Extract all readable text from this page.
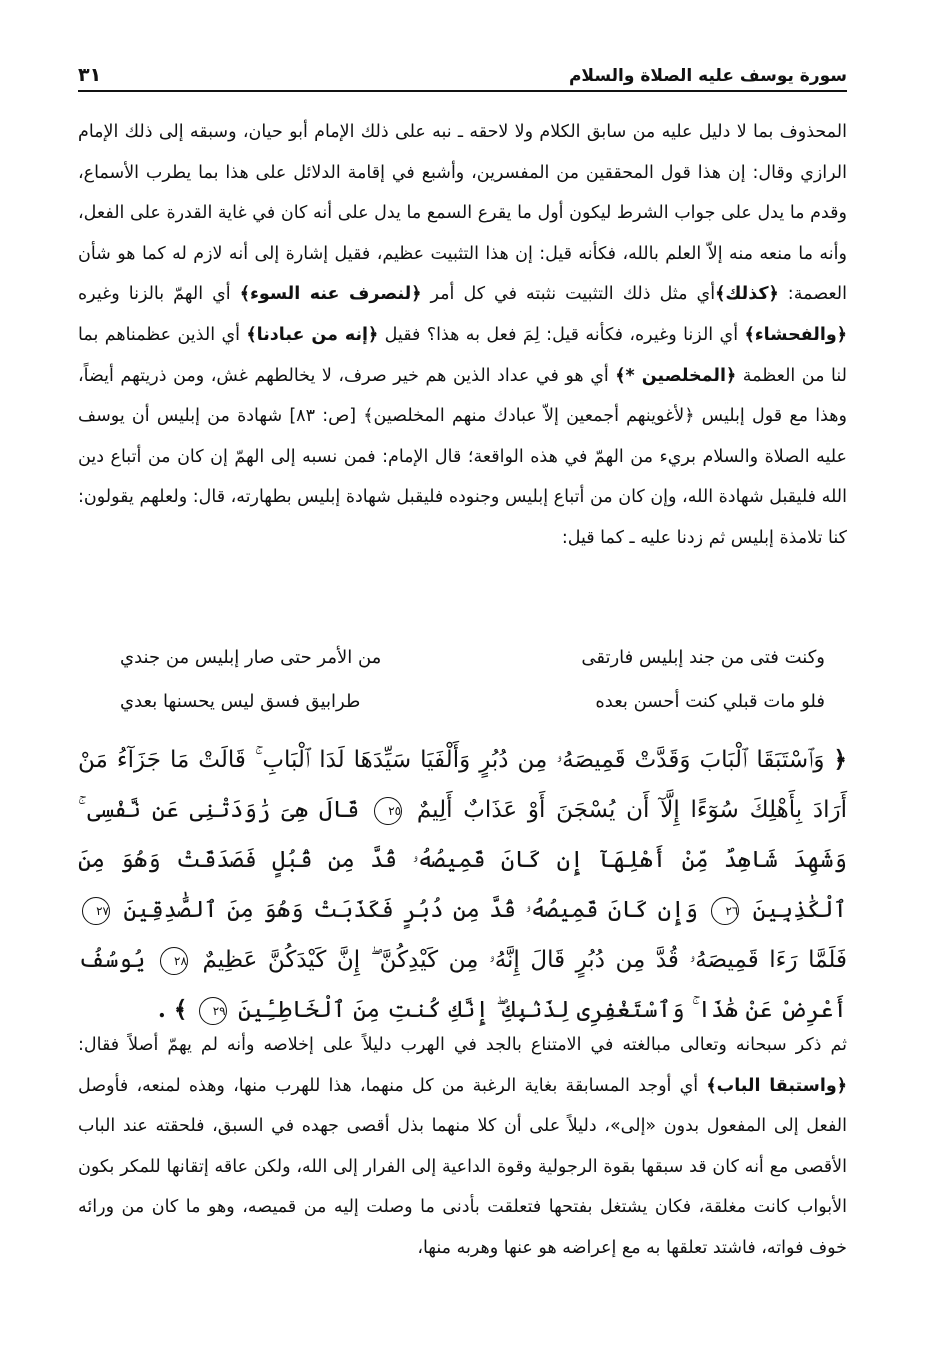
سورة يوسف عليه الصلاة والسلام
٣١

المحذوف بما لا دليل عليه من سابق الكلام ولا لاحقه ـ نبه على ذلك الإمام أبو حيان، وسبقه إلى ذلك الإمام الرازي وقال: إن هذا قول المحققين من المفسرين، وأشبع في إقامة الدلائل على هذا بما يطرب الأسماع، وقدم ما يدل على جواب الشرط ليكون أول ما يقرع السمع ما يدل على أنه كان في غاية القدرة على الفعل، وأنه ما منعه منه إلاّ العلم بالله، فكأنه قيل: إن هذا التثبيت عظيم، فقيل إشارة إلى أنه لازم له كما هو شأن العصمة: ﴿كذلك﴾أي مثل ذلك التثبيت نثبته في كل أمر ﴿لنصرف عنه السوء﴾ أي الهمّ بالزنا وغيره ﴿والفحشاء﴾ أي الزنا وغيره، فكأنه قيل: لِمَ فعل به هذا؟ فقيل ﴿إنه من عبادنا﴾ أي الذين عظمناهم بما لنا من العظمة ﴿المخلصين *﴾ أي هو في عداد الذين هم خير صرف، لا يخالطهم غش، ومن ذريتهم أيضاً، وهذا مع قول إبليس ﴿لأغوينهم أجمعين إلاّ عبادك منهم المخلصين﴾ [ص: ٨٣] شهادة من إبليس أن يوسف عليه الصلاة والسلام بريء من الهمّ في هذه الواقعة؛ قال الإمام: فمن نسبه إلى الهمّ إن كان من أتباع دين الله فليقبل شهادة الله، وإن كان من أتباع إبليس وجنوده فليقبل شهادة إبليس بطهارته، قال: ولعلهم يقولون: كنا تلامذة إبليس ثم زدنا عليه ـ كما قيل:

وكنت فتى من جند إبليس فارتقى
من الأمر حتى صار إبليس من جندي
فلو مات قبلي كنت أحسن بعده
طرابيق فسق ليس يحسنها بعدي
﴿ وَٱسْتَبَقَا ٱلْبَابَ وَقَدَّتْ قَمِيصَهُۥ مِن دُبُرٍ وَأَلْفَيَا سَيِّدَهَا لَدَا ٱلْبَابِ ۚ قَالَتْ مَا جَزَآءُ مَنْ أَرَادَ بِأَهْلِكَ سُوٓءًا إِلَّآ أَن يُسْجَنَ أَوْ عَذَابٌ أَلِيمٌ ٢٥ قَالَ هِىَ رَٰوَدَتْنِى عَن نَّفْسِى ۚ وَشَهِدَ شَاهِدٌ مِّنْ أَهْلِهَآ إِن كَانَ قَمِيصُهُۥ قُدَّ مِن قُبُلٍ فَصَدَقَتْ وَهُوَ مِنَ ٱلْكَٰذِبِينَ ٢٦ وَإِن كَانَ قَمِيصُهُۥ قُدَّ مِن دُبُرٍ فَكَذَبَتْ وَهُوَ مِنَ ٱلصَّٰدِقِينَ ٢٧ فَلَمَّا رَءَا قَمِيصَهُۥ قُدَّ مِن دُبُرٍ قَالَ إِنَّهُۥ مِن كَيْدِكُنَّ ۖ إِنَّ كَيْدَكُنَّ عَظِيمٌ ٢٨ يُوسُفُ أَعْرِضْ عَنْ هَٰذَا ۚ وَٱسْتَغْفِرِى لِذَنۢبِكِ ۖ إِنَّكِ كُنتِ مِنَ ٱلْخَاطِـِٔينَ ٢٩ ﴾ .

ثم ذكر سبحانه وتعالى مبالغته في الامتناع بالجد في الهرب دليلاً على إخلاصه وأنه لم يهمّ أصلاً فقال: ﴿واستبقا الباب﴾ أي أوجد المسابقة بغاية الرغبة من كل منهما، هذا للهرب منها، وهذه لمنعه، فأوصل الفعل إلى المفعول بدون «إلى»، دليلاً على أن كلا منهما بذل أقصى جهده في السبق، فلحقته عند الباب الأقصى مع أنه كان قد سبقها بقوة الرجولية وقوة الداعية إلى الفرار إلى الله، ولكن عاقه إتقانها للمكر بكون الأبواب كانت مغلقة، فكان يشتغل بفتحها فتعلقت بأدنى ما وصلت إليه من قميصه، وهو ما كان من ورائه خوف فواته، فاشتد تعلقها به مع إعراضه هو عنها وهربه منها،
